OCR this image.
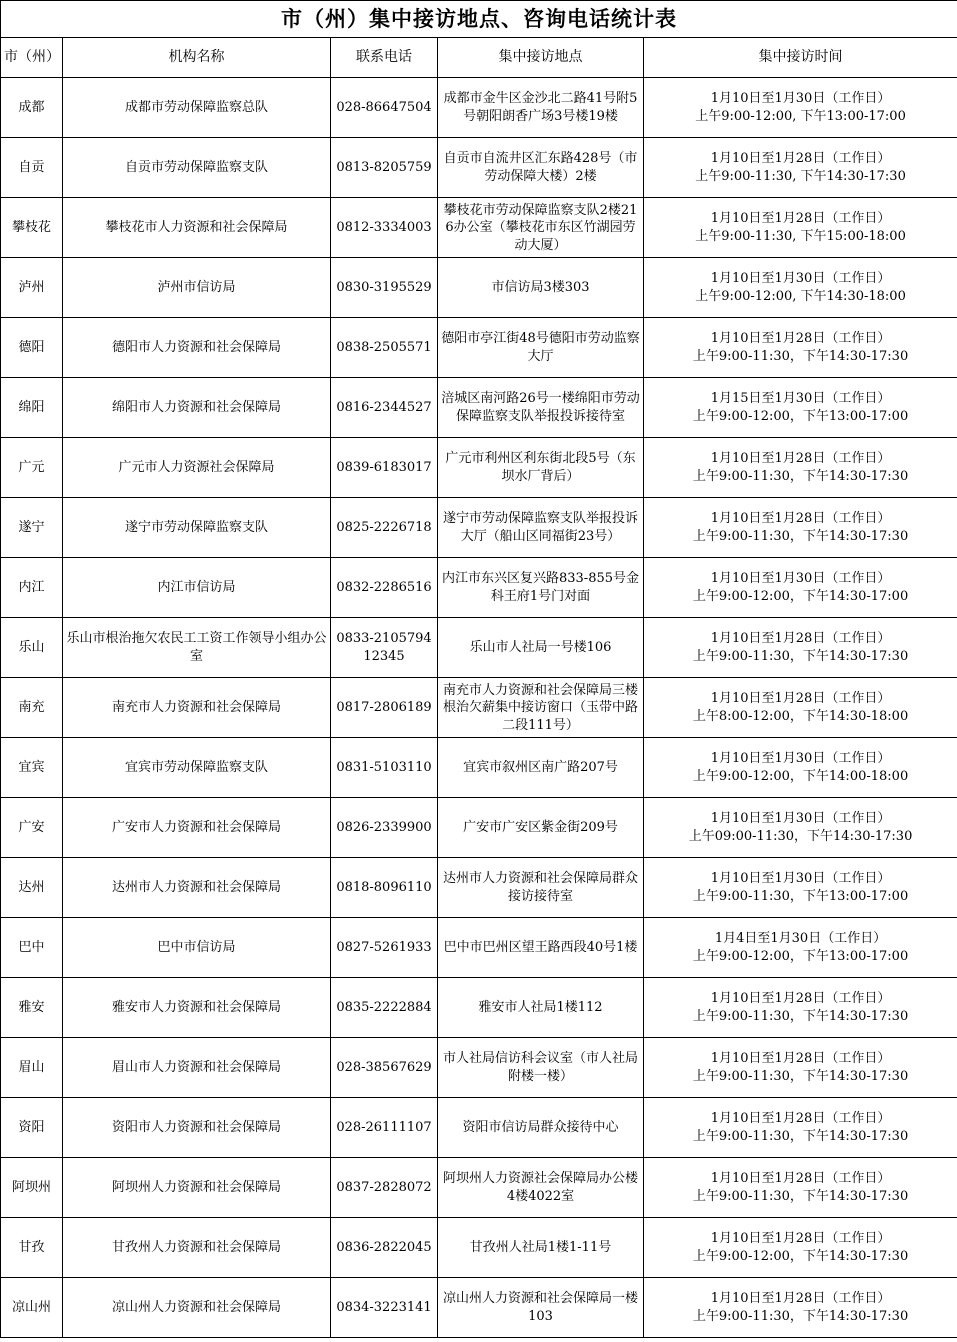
市（州）集中接访地点、咨询电话统计表				
市（州）	机构名称	联系电话	集中接访地点	集中接访时间
成都	成都市劳动保障监察总队	028-86647504	成都市金牛区金沙北二路41号附5号朝阳朗香广场3号楼19楼	1月10日至1月30日（工作日）
上午9:00-12:00, 下午13:00-17:00

自贡	自贡市劳动保障监察支队	0813-8205759	自贡市自流井区汇东路428号（市劳动保障大楼）2楼	1月10日至1月28日（工作日）
上午9:00-11:30, 下午14:30-17:30

攀枝花	攀枝花市人力资源和社会保障局	0812-3334003	攀枝花市劳动保障监察支队2楼216办公室（攀枝花市东区竹湖园劳动大厦）	1月10日至1月28日（工作日）
上午9:00-11:30, 下午15:00-18:00

泸州	泸州市信访局	0830-3195529	市信访局3楼303	1月10日至1月30日（工作日）
上午9:00-12:00, 下午14:30-18:00

德阳	德阳市人力资源和社会保障局	0838-2505571	德阳市亭江街48号德阳市劳动监察大厅	1月10日至1月28日（工作日）
上午9:00-11:30，下午14:30-17:30

绵阳	绵阳市人力资源和社会保障局	0816-2344527	涪城区南河路26号一楼绵阳市劳动保障监察支队举报投诉接待室	1月15日至1月30日（工作日）
上午9:00-12:00，下午13:00-17:00

广元	广元市人力资源社会保障局	0839-6183017	广元市利州区利东街北段5号（东坝水厂背后）	1月10日至1月28日（工作日）
上午9:00-11:30，下午14:30-17:30

遂宁	遂宁市劳动保障监察支队	0825-2226718	遂宁市劳动保障监察支队举报投诉大厅（船山区同福街23号）	1月10日至1月28日（工作日）
上午9:00-11:30，下午14:30-17:30

内江	内江市信访局	0832-2286516	内江市东兴区复兴路833-855号金科王府1号门对面	1月10日至1月30日（工作日）
上午9:00-12:00，下午14:30-17:00

乐山	乐山市根治拖欠农民工工资工作领导小组办公室	0833-2105794 12345	乐山市人社局一号楼106	1月10日至1月28日（工作日）
上午9:00-11:30，下午14:30-17:30

南充	南充市人力资源和社会保障局	0817-2806189	南充市人力资源和社会保障局三楼根治欠薪集中接访窗口（玉带中路二段111号）	1月10日至1月28日（工作日）
上午8:00-12:00，下午14:30-18:00

宜宾	宜宾市劳动保障监察支队	0831-5103110	宜宾市叙州区南广路207号	1月10日至1月30日（工作日）
上午9:00-12:00，下午14:00-18:00

广安	广安市人力资源和社会保障局	0826-2339900	广安市广安区紫金街209号	1月10日至1月30日（工作日）
上午09:00-11:30，下午14:30-17:30

达州	达州市人力资源和社会保障局	0818-8096110	达州市人力资源和社会保障局群众接访接待室	1月10日至1月30日（工作日）
上午9:00-11:30，下午13:00-17:00

巴中	巴中市信访局	0827-5261933	巴中市巴州区望王路西段40号1楼	1月4日至1月30日（工作日）
上午9:00-12:00，下午13:00-17:00

雅安	雅安市人力资源和社会保障局	0835-2222884	雅安市人社局1楼112	1月10日至1月28日（工作日）
上午9:00-11:30，下午14:30-17:30

眉山	眉山市人力资源和社会保障局	028-38567629	市人社局信访科会议室（市人社局附楼一楼）	1月10日至1月28日（工作日）
上午9:00-11:30，下午14:30-17:30

资阳	资阳市人力资源和社会保障局	028-26111107	资阳市信访局群众接待中心	1月10日至1月28日（工作日）
上午9:00-11:30，下午14:30-17:30

阿坝州	阿坝州人力资源和社会保障局	0837-2828072	阿坝州人力资源社会保障局办公楼4楼4022室	1月10日至1月28日（工作日）
上午9:00-11:30，下午14:30-17:30

甘孜	甘孜州人力资源和社会保障局	0836-2822045	甘孜州人社局1楼1-11号	1月10日至1月28日（工作日）
上午9:00-12:00，下午14:30-17:30

凉山州	凉山州人力资源和社会保障局	0834-3223141	凉山州人力资源和社会保障局一楼103	1月10日至1月28日（工作日）
上午9:00-11:30，下午14:30-17:30
